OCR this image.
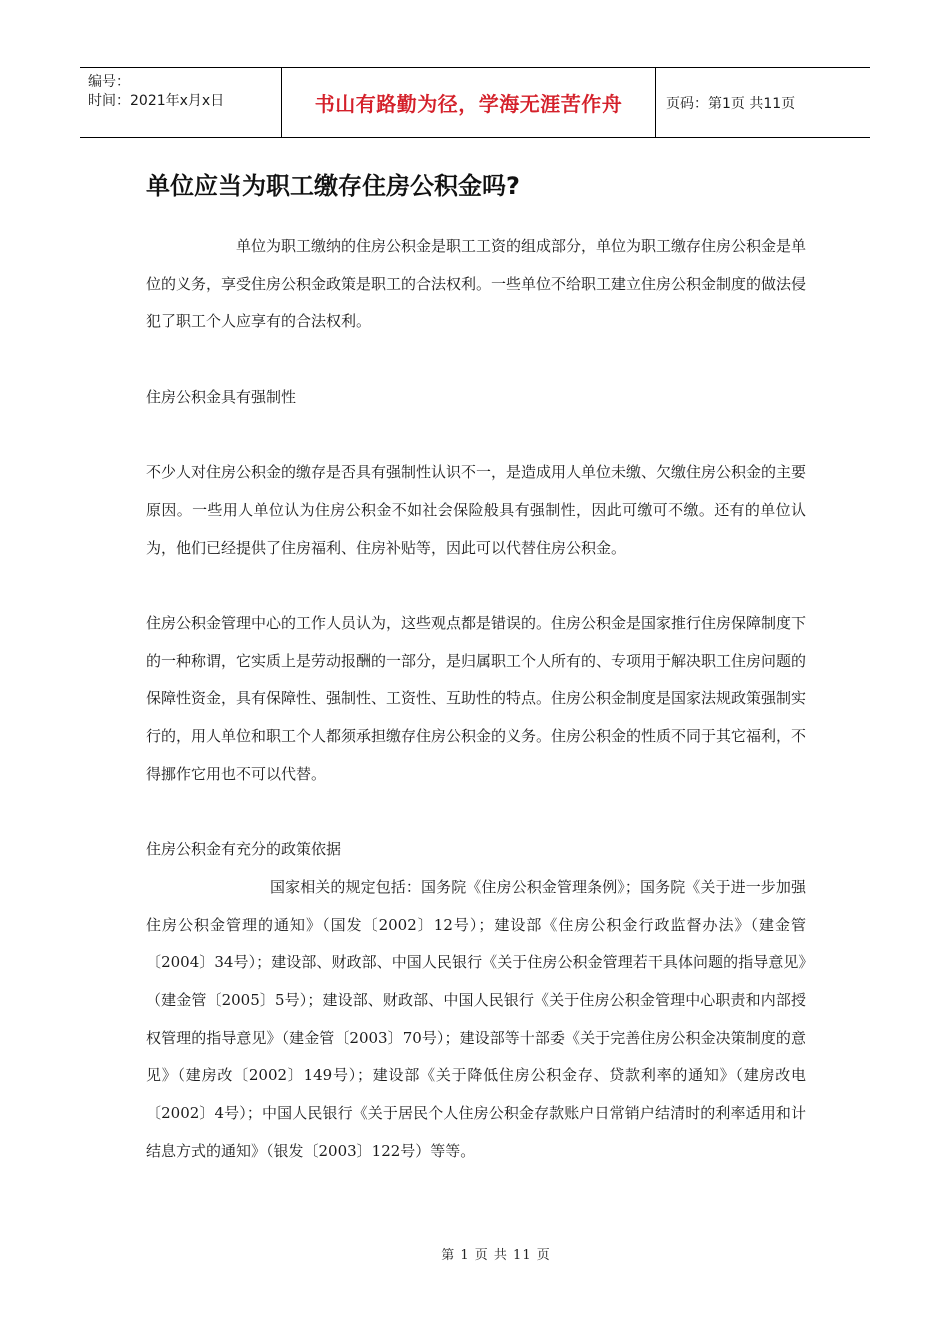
编号：
时间：2021年x月x日	书山有路勤为径，学海无涯苦作舟	页码：第1页 共11页
单位应当为职工缴存住房公积金吗?

单位为职工缴纳的住房公积金是职工工资的组成部分，单位为职工缴存住房公积金是单位的义务，享受住房公积金政策是职工的合法权利。一些单位不给职工建立住房公积金制度的做法侵犯了职工个人应享有的合法权利。

住房公积金具有强制性

不少人对住房公积金的缴存是否具有强制性认识不一，是造成用人单位未缴、欠缴住房公积金的主要原因。一些用人单位认为住房公积金不如社会保险般具有强制性，因此可缴可不缴。还有的单位认为，他们已经提供了住房福利、住房补贴等，因此可以代替住房公积金。

住房公积金管理中心的工作人员认为，这些观点都是错误的。住房公积金是国家推行住房保障制度下的一种称谓，它实质上是劳动报酬的一部分，是归属职工个人所有的、专项用于解决职工住房问题的保障性资金，具有保障性、强制性、工资性、互助性的特点。住房公积金制度是国家法规政策强制实行的，用人单位和职工个人都须承担缴存住房公积金的义务。住房公积金的性质不同于其它福利，不得挪作它用也不可以代替。

住房公积金有充分的政策依据

国家相关的规定包括：国务院《住房公积金管理条例》；国务院《关于进一步加强住房公积金管理的通知》（国发〔2002〕12号）；建设部《住房公积金行政监督办法》（建金管〔2004〕34号）；建设部、财政部、中国人民银行《关于住房公积金管理若干具体问题的指导意见》（建金管〔2005〕5号）；建设部、财政部、中国人民银行《关于住房公积金管理中心职责和内部授权管理的指导意见》（建金管〔2003〕70号）；建设部等十部委《关于完善住房公积金决策制度的意见》（建房改〔2002〕149号）；建设部《关于降低住房公积金存、贷款利率的通知》（建房改电〔2002〕4号）；中国人民银行《关于居民个人住房公积金存款账户日常销户结清时的利率适用和计结息方式的通知》（银发〔2003〕122号）等等。

第 1 页 共 11 页
